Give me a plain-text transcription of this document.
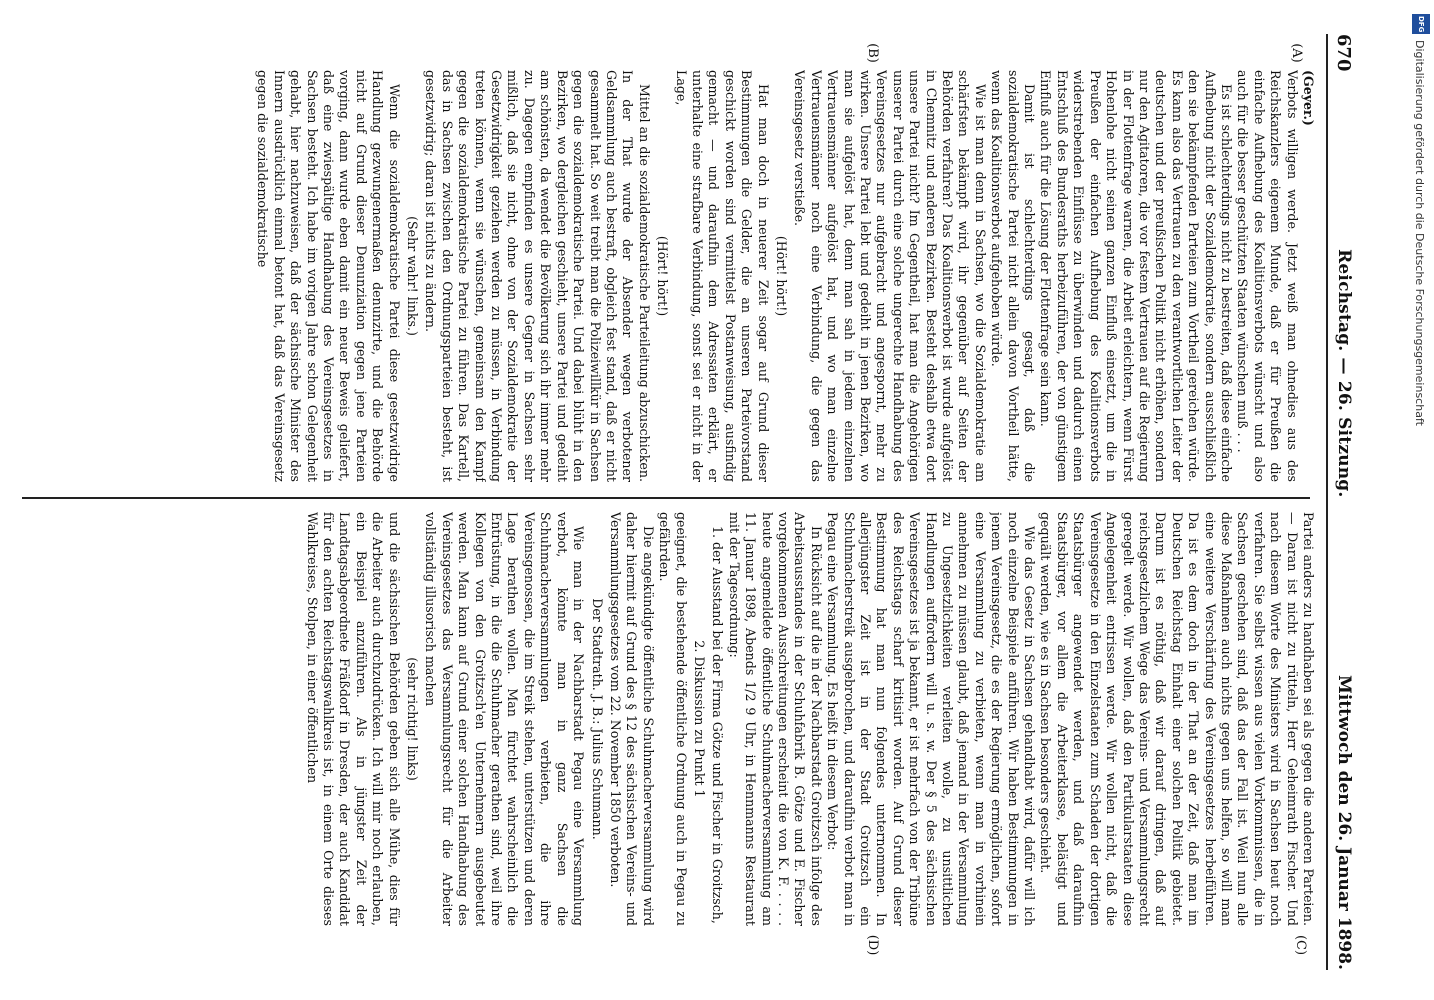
670
Reichstag. — 26. Sitzung.
Mittwoch den 26. Januar 1898.
(A)
(B)
(C)
(D)

(Geyer.)

Verbots willigen werde. Jetzt weiß man ohnedies aus des Reichskanzlers eigenem Munde, daß er für Preußen die einfache Aufhebung des Koalitionsverbots wünscht und also auch für die besser geschützten Staaten wünschen muß . . .

Es ist schlechterdings nicht zu bestreiten, daß diese einfache Aufhebung nicht der Sozialdemokratie, sondern ausschließlich den sie bekämpfenden Parteien zum Vortheil gereichen würde. Es kann also das Vertrauen zu den verantwortlichen Leiter der deutschen und der preußischen Politik nicht erhöhen, sondern nur den Agitatoren, die vor festem Vertrauen auf die Regierung in der Flottenfrage warnen, die Arbeit erleichtern, wenn Fürst Hohenlohe nicht seinen ganzen Einfluß einsetzt, um die in Preußen der einfachen Aufhebung des Koalitionsverbots widerstrebenden Einflüsse zu überwinden und dadurch einen Entschluß des Bundesraths herbeizuführen, der von günstigem Einfluß auch für die Lösung der Flottenfrage sein kann.

Damit ist schlechterdings gesagt, daß die sozialdemokratische Partei nicht allein davon Vortheil hätte, wenn das Koalitionsverbot aufgehoben würde.

Wie ist man denn in Sachsen, wo die Sozialdemokratie am schärfsten bekämpft wird, ihr gegenüber auf Seiten der Behörden verfahren? Das Koalitionsverbot ist wurde aufgelöst in Chemnitz und anderen Bezirken. Besteht deshalb etwa dort unsere Partei nicht? Im Gegentheil, hat man die Angehörigen unserer Partei durch eine solche ungerechte Handhabung des Vereinsgesetzes nur aufgebracht und angespornt, mehr zu wirken. Unsere Partei lebt und gedeiht in jenen Bezirken, wo man sie aufgelöst hat, denn man sah in jedem einzelnen Vertrauensmänner aufgelöst hat, und wo man einzelne Vertrauensmänner noch eine Verbindung, die gegen das Vereinsgesetz verstieße.

(Hört! hört!)

Hat man doch in neuerer Zeit sogar auf Grund dieser Bestimmungen die Gelder, die an unseren Parteivorstand geschickt worden sind vermittelst Postanweisung, ausfindig gemacht — und daraufhin dem Adressaten erklärt, er unterhalte eine strafbare Verbindung, sonst sei er nicht in der Lage,

(Hört! hört!)

Mittel an die sozialdemokratische Parteileitung abzuschicken. In der That wurde der Absender wegen verbotener Geldsammlung auch bestraft, obgleich fest stand, daß er nicht gesammelt hat. So weit treibt man die Polizeiwillkür in Sachsen gegen die sozialdemokratische Partei. Und dabei blüht in den Bezirken, wo dergleichen geschieht, unsere Partei und gedeiht am schönsten, da wendet die Bevölkerung sich ihr immer mehr zu. Dagegen empfinden es unsere Gegner in Sachsen sehr mißlich, daß sie nicht, ohne von der Sozialdemokratie der Gesetzwidrigkeit geziehen werden zu müssen, in Verbindung treten können, wenn sie wünschen, gemeinsam den Kampf gegen die sozialdemokratische Partei zu führen. Das Kartell, das in Sachsen zwischen den Ordnungsparteien besteht, ist gesetzwidrig; daran ist nichts zu ändern.

(Sehr wahr! links.)

Wenn die sozialdemokratische Partei diese gesetzwidrige Handlung gezwungenermaßen denunzirte, und die Behörde nicht auf Grund dieser Denunziation gegen jene Parteien vorging, dann wurde eben damit ein neuer Beweis geliefert, daß eine zwiespältige Handhabung des Vereinsgesetzes in Sachsen besteht. Ich habe im vorigen Jahre schon Gelegenheit gehabt, hier nachzuweisen, daß der sächsische Minister des Innern ausdrücklich einmal betont hat, daß das Vereinsgesetz gegen die sozialdemokratische

Partei anders zu handhaben sei als gegen die anderen Parteien. — Daran ist nicht zu rütteln, Herr Geheimrath Fischer. Und nach diesem Worte des Ministers wird in Sachsen heut noch verfahren. Sie selbst wissen aus vielen Vorkommnissen, die in Sachsen geschehen sind, daß das der Fall ist. Weil nun alle diese Maßnahmen auch nichts gegen uns helfen, so will man eine weitere Verschärfung des Vereinsgesetzes herbeiführen. Da ist es dem doch in der That an der Zeit, daß man im Deutschen Reichstag Einhalt einer solchen Politik gebietet. Darum ist es nöthig, daß wir darauf dringen, daß auf reichsgesetzlichem Wege das Vereins- und Versammlungsrecht geregelt werde. Wir wollen, daß den Partikularstaaten diese Angelegenheit entrissen werde. Wir wollen nicht, daß die Vereinsgesetze in den Einzelstaaten zum Schaden der dortigen Staatsbürger angewendet werden, und daß daraufhin Staatsbürger, vor allem die Arbeiterklasse, belästigt und gequält werden, wie es in Sachsen besonders geschieht.

Wie das Gesetz in Sachsen gehandhabt wird, dafür will ich noch einzelne Beispiele anführen. Wir haben Bestimmungen in jenem Vereinsgesetz, die es der Regierung ermöglichen, sofort eine Versammlung zu verbieten, wenn man in vorhinein annehmen zu müssen glaubt, daß jemand in der Versammlung zu Ungesetzlichkeiten verleiten wolle, zu unsittlichen Handlungen auffordern will u. s. w. Der § 5 des sächsischen Vereinsgesetzes ist ja bekannt, er ist mehrfach von der Tribüne des Reichstags scharf kritisirt worden. Auf Grund dieser Bestimmung hat man nun folgendes unternommen. In allerjüngster Zeit ist in der Stadt Groitzsch ein Schuhmacherstreik ausgebrochen, und daraufhin verbot man in Pegau eine Versammlung. Es heißt in diesem Verbot:

In Rücksicht auf die in der Nachbarstadt Groitzsch infolge des Arbeitsausstandes in der Schuhfabrik B. Götze und E. Fischer vorgekommenen Ausschreitungen erscheint die von K. F. . . . . heute angemeldete öffentliche Schuhmacherversammlung am 11. Januar 1898, Abends 1/2 9 Uhr, in Hennmanns Restaurant mit der Tagesordnung:

1. der Ausstand bei der Firma Götze und Fischer in Groitzsch,

2. Diskussion zu Punkt 1

geeignet, die bestehende öffentliche Ordnung auch in Pegau zu gefährden.

Die angekündigte öffentliche Schuhmacherversammlung wird daher hiermit auf Grund des § 12 des sächsischen Vereins- und Versammlungsgesetzes vom 22. November 1850 verboten.

Der Stadtrath. J. B.: Julius Schumann.

Wie man in der Nachbarstadt Pegau eine Versammlung verbot, könnte man in ganz Sachsen die Schuhmacherversammlungen verbieten, die ihre Vereinsgenossen, die im Streik stehen, unterstützen und deren Lage berathen wollen. Man fürchtet wahrscheinlich die Entrüstung, in die die Schuhmacher gerathen sind, weil ihre Kollegen von den Groitzsch'en Unternehmern ausgebeutet werden. Man kann auf Grund einer solchen Handhabung des Vereinsgesetzes das Versammlungsrecht für die Arbeiter vollständig illusorisch machen

(sehr richtig! links)

und die sächsischen Behörden geben sich alle Mühe, dies für die Arbeiter auch durchzudrücken. Ich will mir noch erlauben, ein Beispiel anzuführen. Als in jüngster Zeit der Landtagsabgeordnete Fräßdorf in Dresden, der auch Kandidat für den achten Reichstagswahlkreis ist, in einem Orte dieses Wahlkreises, Stolpen, in einer öffentlichen

DFG
Digitalisierung gefördert durch die Deutsche Forschungsgemeinschaft
